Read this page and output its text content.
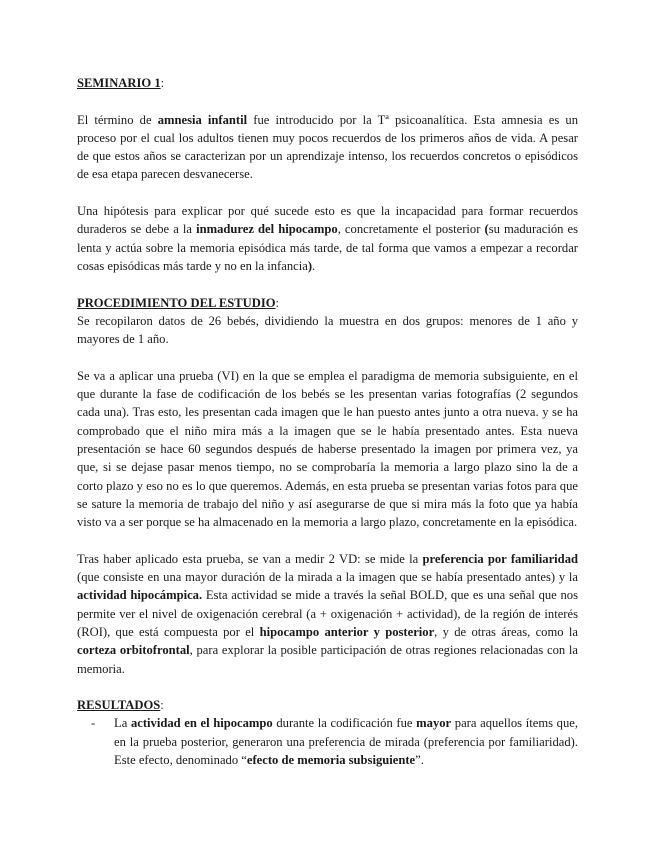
SEMINARIO 1:

El término de amnesia infantil fue introducido por la Tª psicoanalítica. Esta amnesia es un proceso por el cual los adultos tienen muy pocos recuerdos de los primeros años de vida. A pesar de que estos años se caracterizan por un aprendizaje intenso, los recuerdos concretos o episódicos de esa etapa parecen desvanecerse.

Una hipótesis para explicar por qué sucede esto es que la incapacidad para formar recuerdos duraderos se debe a la inmadurez del hipocampo, concretamente el posterior (su maduración es lenta y actúa sobre la memoria episódica más tarde, de tal forma que vamos a empezar a recordar cosas episódicas más tarde y no en la infancia).

PROCEDIMIENTO DEL ESTUDIO:

Se recopilaron datos de 26 bebés, dividiendo la muestra en dos grupos: menores de 1 año y mayores de 1 año.

Se va a aplicar una prueba (VI) en la que se emplea el paradigma de memoria subsiguiente, en el que durante la fase de codificación de los bebés se les presentan varias fotografías (2 segundos cada una). Tras esto, les presentan cada imagen que le han puesto antes junto a otra nueva. y se ha comprobado que el niño mira más a la imagen que se le había presentado antes. Esta nueva presentación se hace 60 segundos después de haberse presentado la imagen por primera vez, ya que, si se dejase pasar menos tiempo, no se comprobaría la memoria a largo plazo sino la de a corto plazo y eso no es lo que queremos. Además, en esta prueba se presentan varias fotos para que se sature la memoria de trabajo del niño y así asegurarse de que si mira más la foto que ya había visto va a ser porque se ha almacenado en la memoria a largo plazo, concretamente en la episódica.

Tras haber aplicado esta prueba, se van a medir 2 VD: se mide la preferencia por familiaridad (que consiste en una mayor duración de la mirada a la imagen que se había presentado antes) y la actividad hipocámpica. Esta actividad se mide a través la señal BOLD, que es una señal que nos permite ver el nivel de oxigenación cerebral (a + oxigenación + actividad), de la región de interés (ROI), que está compuesta por el hipocampo anterior y posterior, y de otras áreas, como la corteza orbitofrontal, para explorar la posible participación de otras regiones relacionadas con la memoria.

RESULTADOS:

- La actividad en el hipocampo durante la codificación fue mayor para aquellos ítems que, en la prueba posterior, generaron una preferencia de mirada (preferencia por familiaridad). Este efecto, denominado “efecto de memoria subsiguiente”.
